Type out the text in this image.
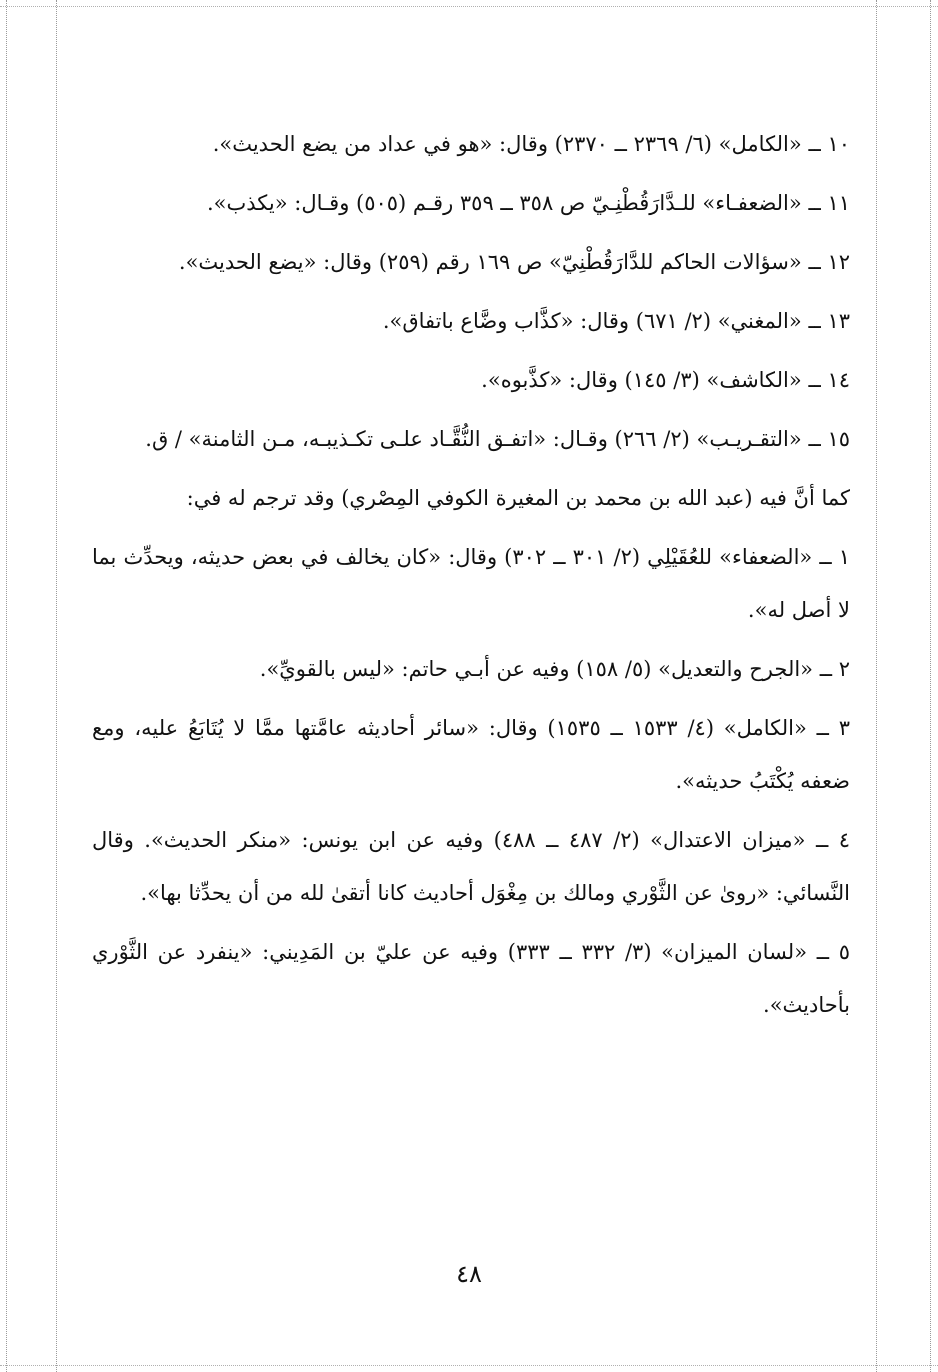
١٠ ــ «الكامل» (٦/ ٢٣٦٩ ــ ٢٣٧٠) وقال: «هو في عداد من يضع الحديث».

١١ ــ «الضعفـاء» للـدَّارَقُطْنِـيّ ص ٣٥٨ ــ ٣٥٩ رقـم (٥٠٥) وقـال: «يكذب».

١٢ ــ «سؤالات الحاكم للدَّارَقُطْنِيّ» ص ١٦٩ رقم (٢٥٩) وقال: «يضع الحديث».

١٣ ــ «المغني» (٢/ ٦٧١) وقال: «كذَّاب وضَّاع باتفاق».

١٤ ــ «الكاشف» (٣/ ١٤٥) وقال: «كذَّبوه».

١٥ ــ «التقـريـب» (٢/ ٢٦٦) وقـال: «اتفـق النُّقَّـاد علـى تكـذيبـه، مـن الثامنة» / ق.

كما أنَّ فيه (عبد الله بن محمد بن المغيرة الكوفي المِصْري) وقد ترجم له في:

١ ــ «الضعفاء» للعُقَيْلِي (٢/ ٣٠١ ــ ٣٠٢) وقال: «كان يخالف في بعض حديثه، ويحدِّث بما لا أصل له».

٢ ــ «الجرح والتعديل» (٥/ ١٥٨) وفيه عن أبـي حاتم: «ليس بالقويِّ».

٣ ــ «الكامل» (٤/ ١٥٣٣ ــ ١٥٣٥) وقال: «سائر أحاديثه عامَّتها ممَّا لا يُتَابَعُ عليه، ومع ضعفه يُكْتَبُ حديثه».

٤ ــ «ميزان الاعتدال» (٢/ ٤٨٧ ــ ٤٨٨) وفيه عن ابن يونس: «منكر الحديث». وقال النَّسائي: «روىٰ عن الثَّوْري ومالك بن مِغْوَل أحاديث كانا أتقىٰ لله من أن يحدِّثا بها».

٥ ــ «لسان الميزان» (٣/ ٣٣٢ ــ ٣٣٣) وفيه عن عليّ بن المَدِيني: «ينفرد عن الثَّوْري بأحاديث».

٤٨
